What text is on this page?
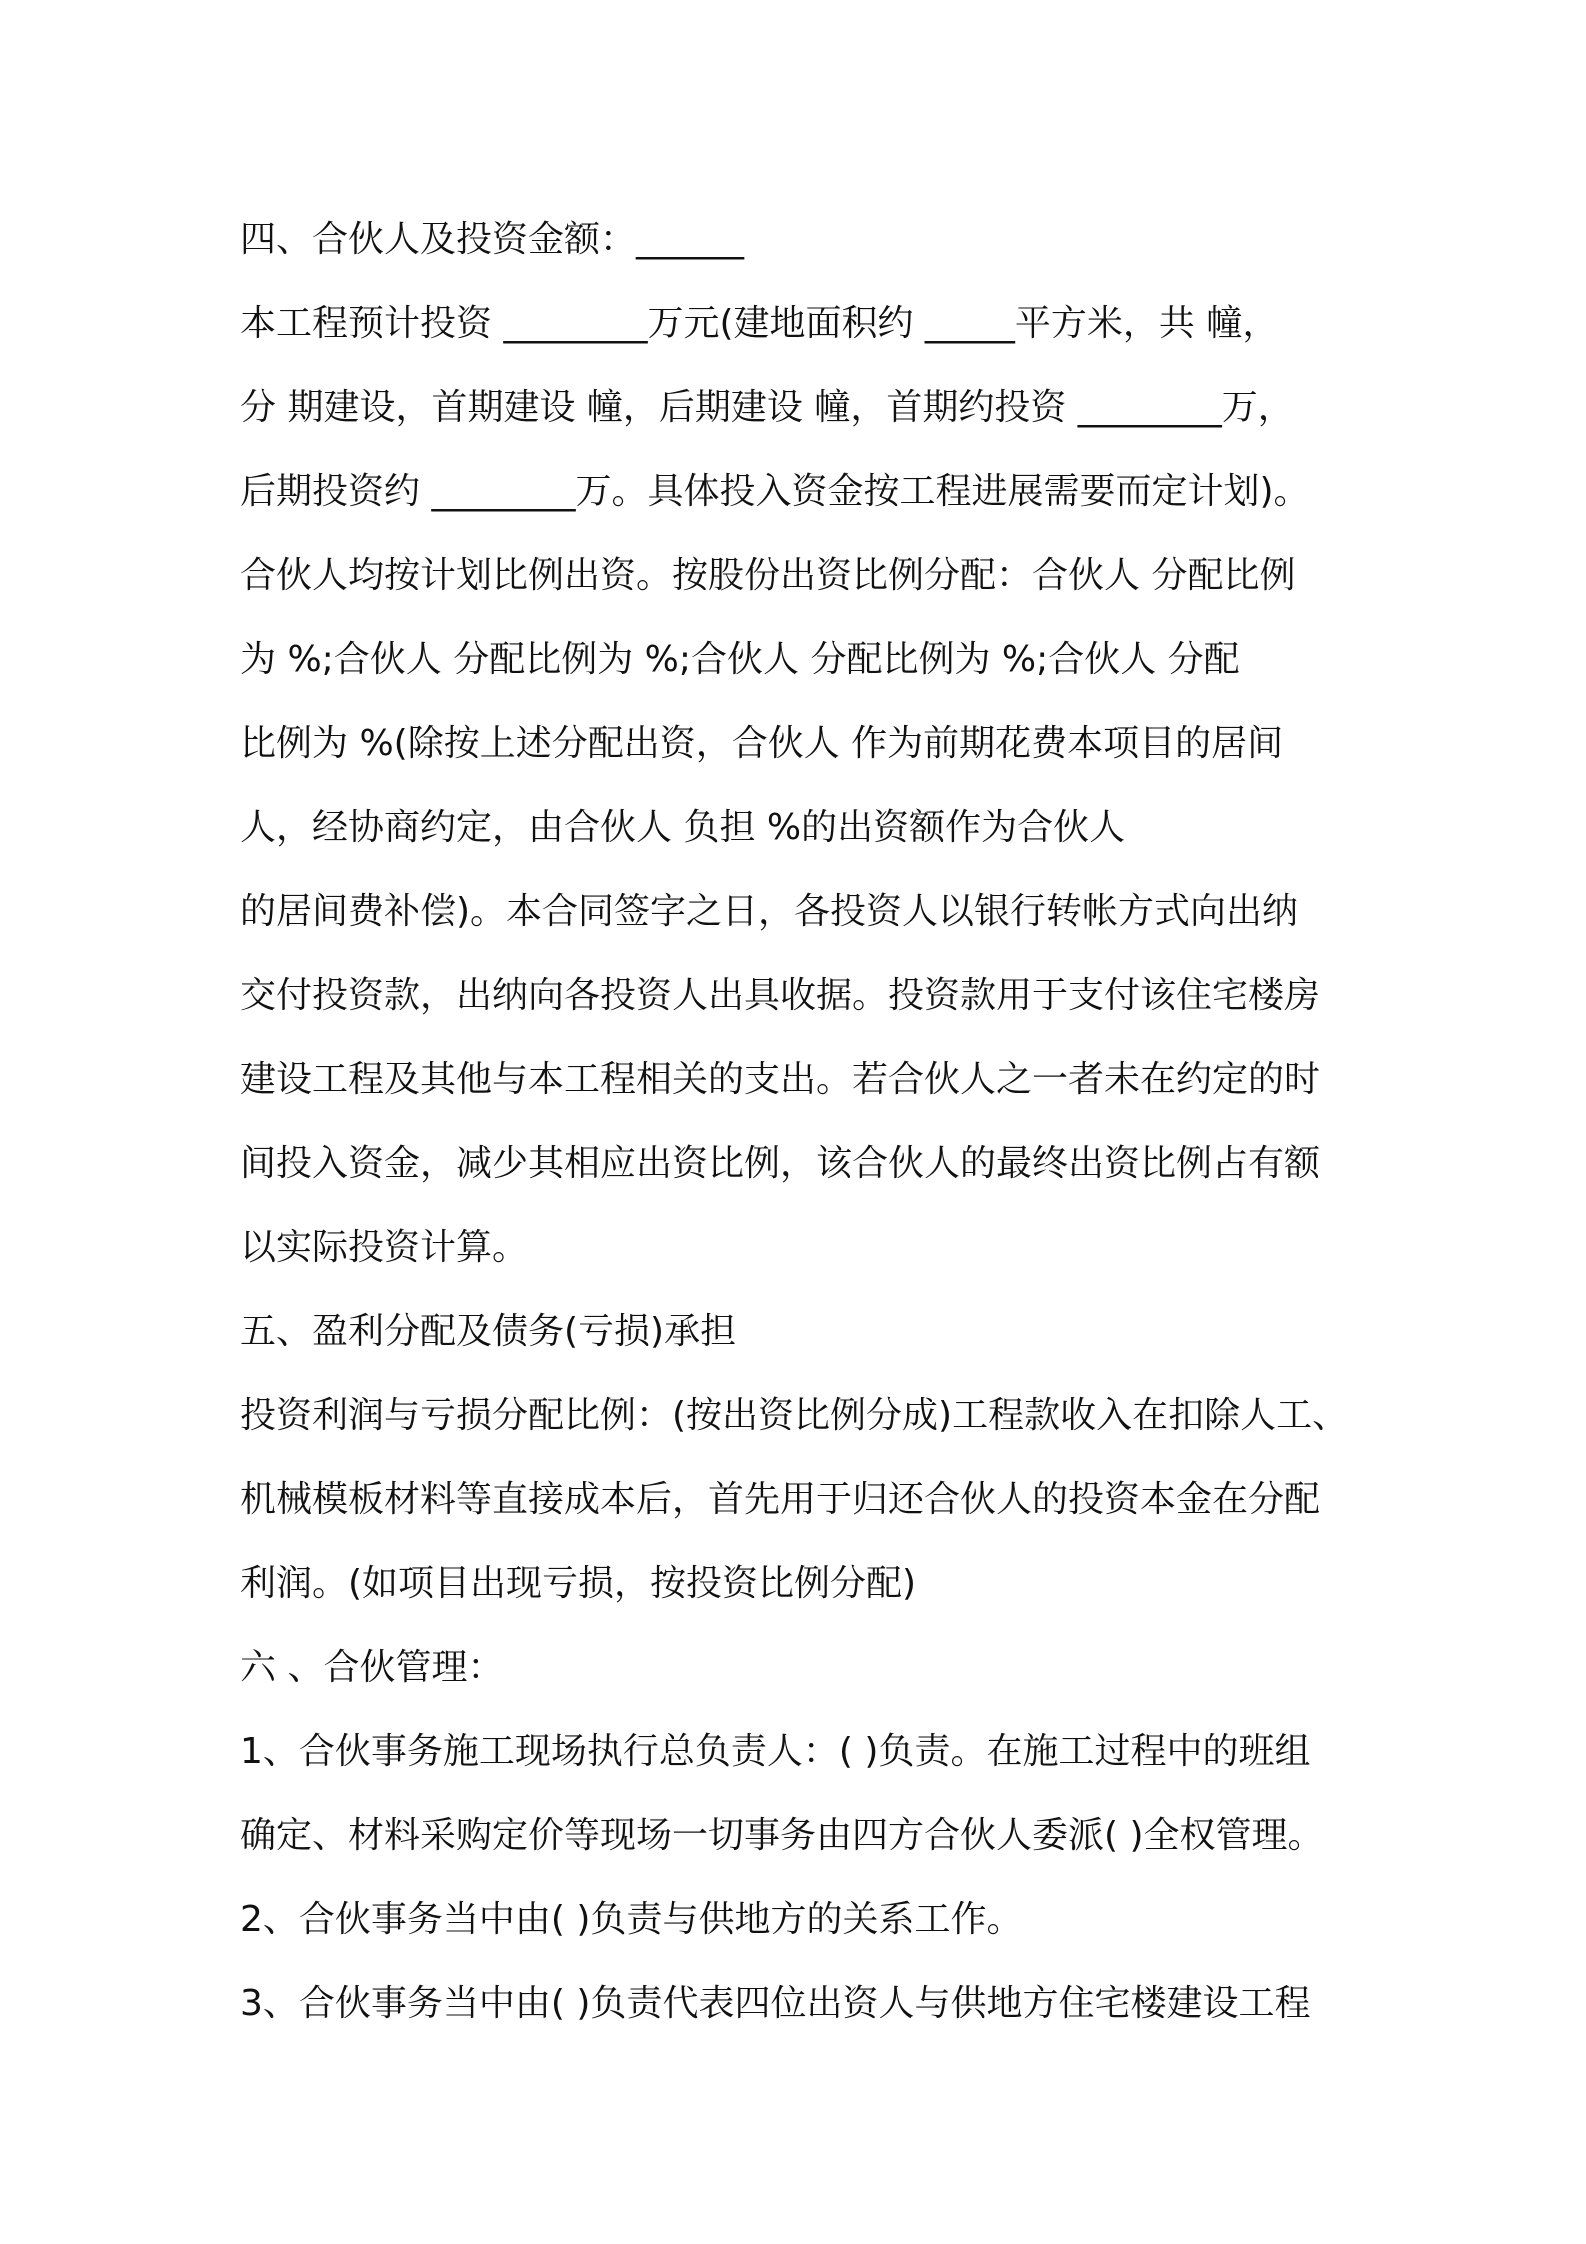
四、合伙人及投资金额：______
本工程预计投资 ________万元(建地面积约 _____平方米，共 幢，
分 期建设，首期建设 幢，后期建设 幢，首期约投资 ________万，
后期投资约 ________万。具体投入资金按工程进展需要而定计划)。
合伙人均按计划比例出资。按股份出资比例分配：合伙人 分配比例
为 %;合伙人 分配比例为 %;合伙人 分配比例为 %;合伙人 分配
比例为 %(除按上述分配出资，合伙人 作为前期花费本项目的居间
人，经协商约定，由合伙人 负担 %的出资额作为合伙人
的居间费补偿)。本合同签字之日，各投资人以银行转帐方式向出纳
交付投资款，出纳向各投资人出具收据。投资款用于支付该住宅楼房
建设工程及其他与本工程相关的支出。若合伙人之一者未在约定的时
间投入资金，减少其相应出资比例，该合伙人的最终出资比例占有额
以实际投资计算。
五、盈利分配及债务(亏损)承担
投资利润与亏损分配比例：(按出资比例分成)工程款收入在扣除人工、
机械模板材料等直接成本后，首先用于归还合伙人的投资本金在分配
利润。(如项目出现亏损，按投资比例分配)
六 、合伙管理：
1、合伙事务施工现场执行总负责人：( )负责。在施工过程中的班组
确定、材料采购定价等现场一切事务由四方合伙人委派( )全权管理。
2、合伙事务当中由( )负责与供地方的关系工作。
3、合伙事务当中由( )负责代表四位出资人与供地方住宅楼建设工程
